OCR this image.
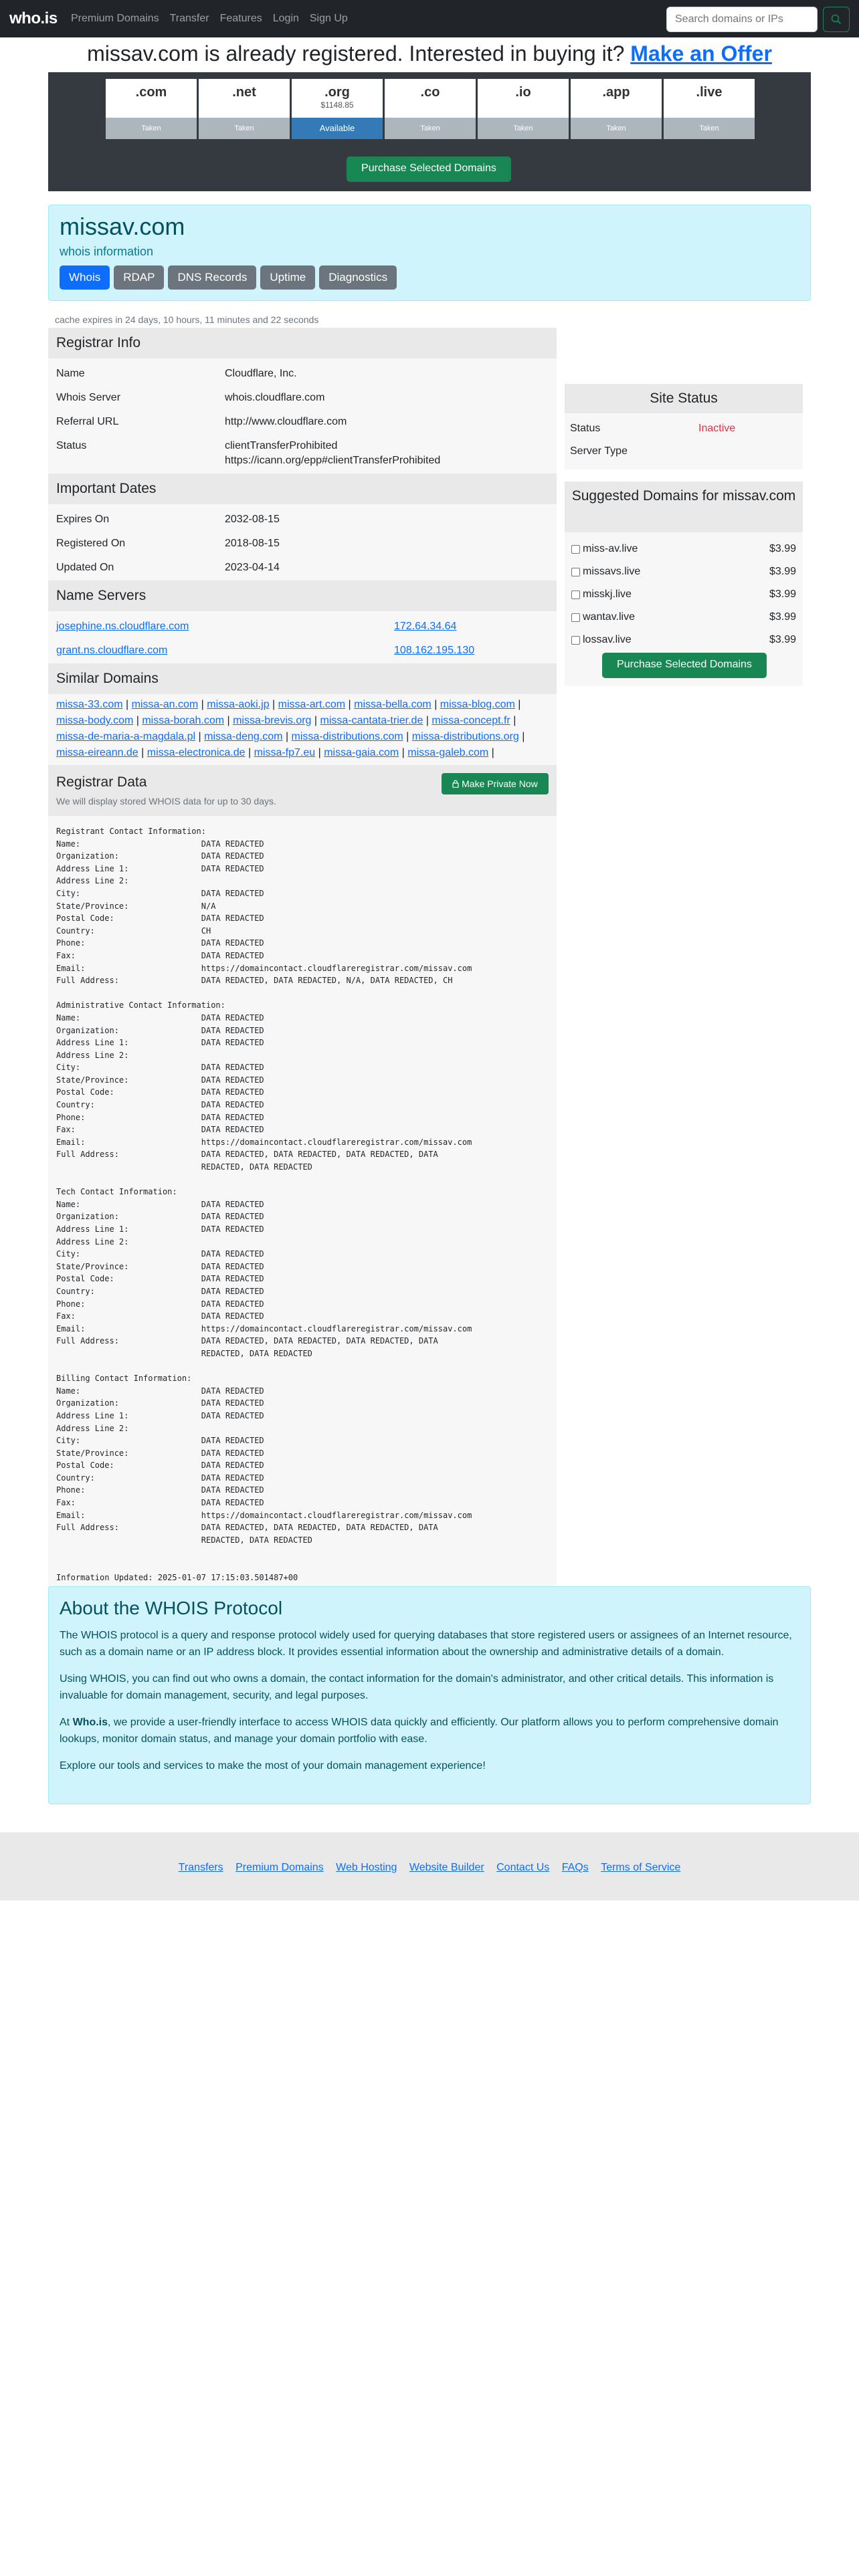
who.is Premium Domains Transfer Features Login Sign Up
Search domains or IPs
missav.com is already registered. Interested in buying it? Make an Offer
.com
Taken
.net
Taken
.org
$1148.85
Available
.co
Taken
.io
Taken
.app
Taken
.live
Taken
Purchase Selected Domains
missav.com
whois information
Whois	RDAP	DNS Records	Uptime	Diagnostics
cache expires in 24 days, 10 hours, 11 minutes and 22 seconds
Registrar Info
Name	Cloudflare, Inc.
Whois Server	whois.cloudflare.com
Referral URL	http://www.cloudflare.com
Status	clientTransferProhibited https://icann.org/epp#clientTransferProhibited
Important Dates
Expires On	2032-08-15
Registered On	2018-08-15
Updated On	2023-04-14
Name Servers
josephine.ns.cloudflare.com	172.64.34.64
grant.ns.cloudflare.com	108.162.195.130
Similar Domains
missa-33.com | missa-an.com | missa-aoki.jp | missa-art.com | missa-bella.com | missa-blog.com | missa-body.com | missa-borah.com | missa-brevis.org | missa-cantata-trier.de | missa-concept.fr | missa-de-maria-a-magdala.pl | missa-deng.com | missa-distributions.com | missa-distributions.org | missa-eireann.de | missa-electronica.de | missa-fp7.eu | missa-gaia.com | missa-galeb.com |
Registrar Data
We will display stored WHOIS data for up to 30 days.
Make Private Now
Registrant Contact Information:
Name:                         DATA REDACTED
Organization:                 DATA REDACTED
Address Line 1:               DATA REDACTED
Address Line 2:
City:                         DATA REDACTED
State/Province:               N/A
Postal Code:                  DATA REDACTED
Country:                      CH
Phone:                        DATA REDACTED
Fax:                          DATA REDACTED
Email:                        https://domaincontact.cloudflareregistrar.com/missav.com
Full Address:                 DATA REDACTED, DATA REDACTED, N/A, DATA REDACTED, CH

Administrative Contact Information:
Name:                         DATA REDACTED
Organization:                 DATA REDACTED
Address Line 1:               DATA REDACTED
Address Line 2:
City:                         DATA REDACTED
State/Province:               DATA REDACTED
Postal Code:                  DATA REDACTED
Country:                      DATA REDACTED
Phone:                        DATA REDACTED
Fax:                          DATA REDACTED
Email:                        https://domaincontact.cloudflareregistrar.com/missav.com
Full Address:                 DATA REDACTED, DATA REDACTED, DATA REDACTED, DATA
REDACTED, DATA REDACTED

Tech Contact Information:
Name:                         DATA REDACTED
Organization:                 DATA REDACTED
Address Line 1:               DATA REDACTED
Address Line 2:
City:                         DATA REDACTED
State/Province:               DATA REDACTED
Postal Code:                  DATA REDACTED
Country:                      DATA REDACTED
Phone:                        DATA REDACTED
Fax:                          DATA REDACTED
Email:                        https://domaincontact.cloudflareregistrar.com/missav.com
Full Address:                 DATA REDACTED, DATA REDACTED, DATA REDACTED, DATA
REDACTED, DATA REDACTED

Billing Contact Information:
Name:                         DATA REDACTED
Organization:                 DATA REDACTED
Address Line 1:               DATA REDACTED
Address Line 2:
City:                         DATA REDACTED
State/Province:               DATA REDACTED
Postal Code:                  DATA REDACTED
Country:                      DATA REDACTED
Phone:                        DATA REDACTED
Fax:                          DATA REDACTED
Email:                        https://domaincontact.cloudflareregistrar.com/missav.com
Full Address:                 DATA REDACTED, DATA REDACTED, DATA REDACTED, DATA
REDACTED, DATA REDACTED

Information Updated: 2025-01-07 17:15:03.501487+00
Site Status
Status	Inactive
Server Type
Suggested Domains for missav.com
miss-av.live	$3.99
missavs.live	$3.99
misskj.live	$3.99
wantav.live	$3.99
lossav.live	$3.99
Purchase Selected Domains
About the WHOIS Protocol

The WHOIS protocol is a query and response protocol widely used for querying databases that store registered users or assignees of an Internet resource, such as a domain name or an IP address block. It provides essential information about the ownership and administrative details of a domain.

Using WHOIS, you can find out who owns a domain, the contact information for the domain's administrator, and other critical details. This information is invaluable for domain management, security, and legal purposes.

At Who.is, we provide a user-friendly interface to access WHOIS data quickly and efficiently. Our platform allows you to perform comprehensive domain lookups, monitor domain status, and manage your domain portfolio with ease.

Explore our tools and services to make the most of your domain management experience!

Transfers Premium Domains Web Hosting Website Builder Contact Us FAQs Terms of Service
